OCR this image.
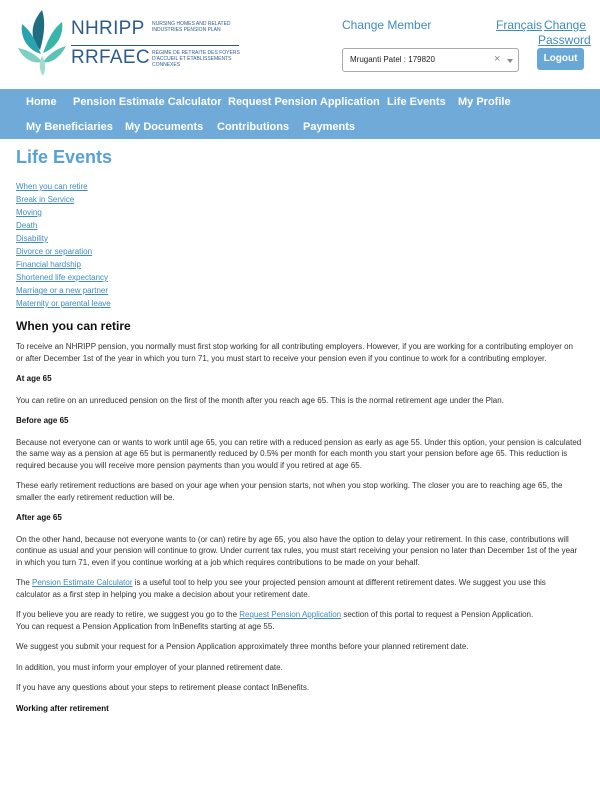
NHRIPP NURSING HOMES AND RELATED INDUSTRIES PENSION PLAN
RRFAEC RÉGIME DE RETRAITE DES FOYERS D'ACCUEIL ET ÉTABLISSEMENTS CONNEXES
Change Member	Français Change Password
Mruganti Patel : 179820	×	Logout
Home Pension Estimate Calculator Request Pension Application Life Events My Profile
My Beneficiaries My Documents Contributions Payments
Life Events
When you can retire
Break in Service
Moving
Death
Disability
Divorce or separation
Financial hardship
Shortened life expectancy
Marriage or a new partner
Maternity or parental leave
When you can retire

To receive an NHRIPP pension, you normally must first stop working for all contributing employers. However, if you are working for a contributing employer on or after December 1st of the year in which you turn 71, you must start to receive your pension even if you continue to work for a contributing employer.

At age 65

You can retire on an unreduced pension on the first of the month after you reach age 65. This is the normal retirement age under the Plan.

Before age 65

Because not everyone can or wants to work until age 65, you can retire with a reduced pension as early as age 55. Under this option, your pension is calculated the same way as a pension at age 65 but is permanently reduced by 0.5% per month for each month you start your pension before age 65. This reduction is required because you will receive more pension payments than you would if you retired at age 65.

These early retirement reductions are based on your age when your pension starts, not when you stop working. The closer you are to reaching age 65, the smaller the early retirement reduction will be.

After age 65

On the other hand, because not everyone wants to (or can) retire by age 65, you also have the option to delay your retirement. In this case, contributions will continue as usual and your pension will continue to grow. Under current tax rules, you must start receiving your pension no later than December 1st of the year in which you turn 71, even if you continue working at a job which requires contributions to be made on your behalf.

The Pension Estimate Calculator is a useful tool to help you see your projected pension amount at different retirement dates. We suggest you use this calculator as a first step in helping you make a decision about your retirement date.

If you believe you are ready to retire, we suggest you go to the Request Pension Application section of this portal to request a Pension Application.

You can request a Pension Application from InBenefits starting at age 55.

We suggest you submit your request for a Pension Application approximately three months before your planned retirement date.

In addition, you must inform your employer of your planned retirement date.

If you have any questions about your steps to retirement please contact InBenefits.

Working after retirement
